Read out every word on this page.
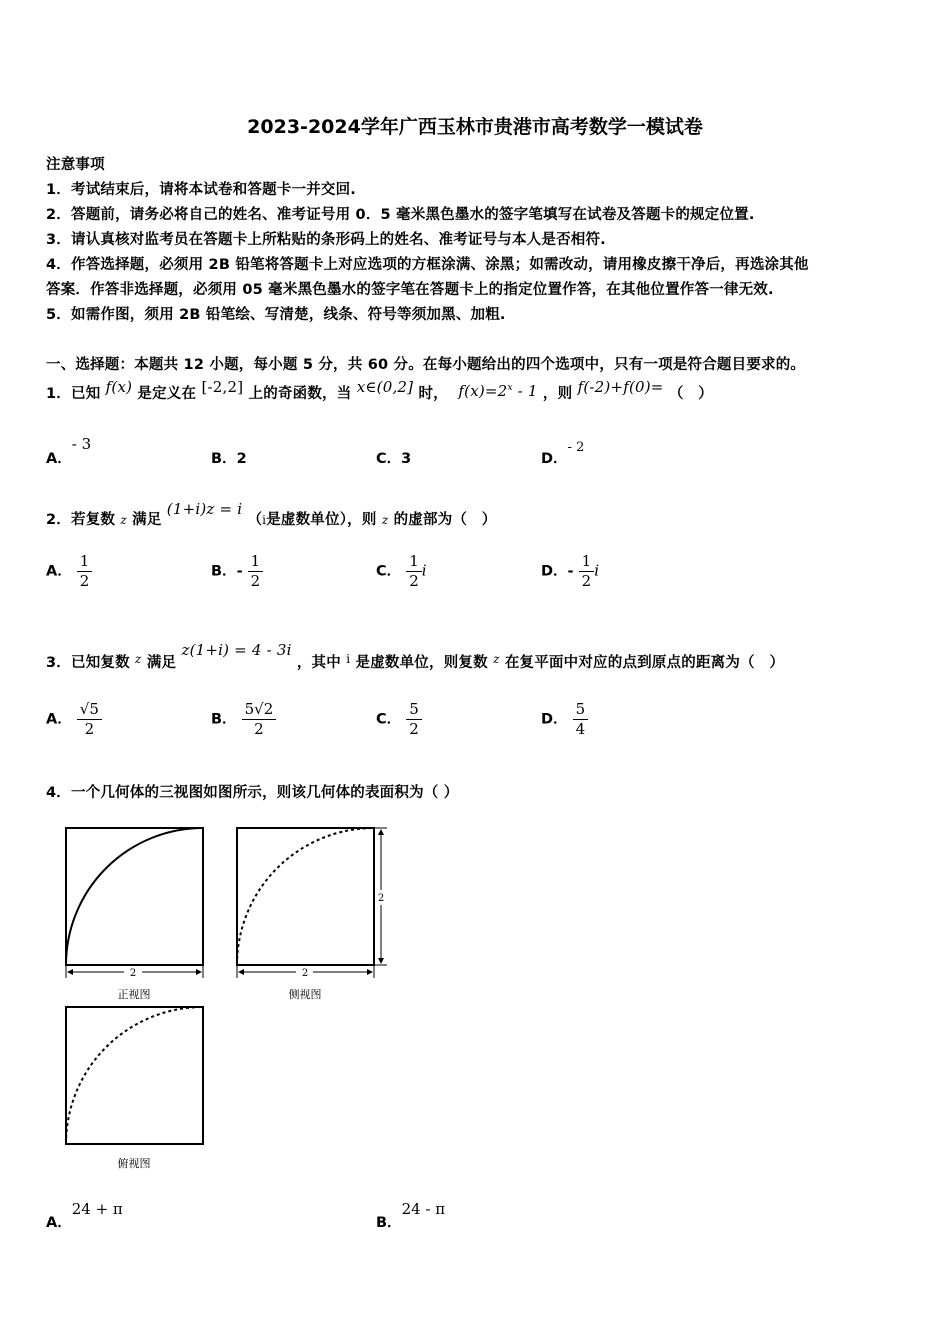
2023-2024学年广西玉林市贵港市高考数学一模试卷
注意事项
1．考试结束后，请将本试卷和答题卡一并交回.
2．答题前，请务必将自己的姓名、准考证号用 0．5 毫米黑色墨水的签字笔填写在试卷及答题卡的规定位置.
3．请认真核对监考员在答题卡上所粘贴的条形码上的姓名、准考证号与本人是否相符.
4．作答选择题，必须用 2B 铅笔将答题卡上对应选项的方框涂满、涂黑；如需改动，请用橡皮擦干净后，再选涂其他
答案．作答非选择题，必须用 05 毫米黑色墨水的签字笔在答题卡上的指定位置作答，在其他位置作答一律无效.
5．如需作图，须用 2B 铅笔绘、写清楚，线条、符号等须加黑、加粗.
一、选择题：本题共 12 小题，每小题 5 分，共 60 分。在每小题给出的四个选项中，只有一项是符合题目要求的。
1．已知 f(x) 是定义在 [-2,2] 上的奇函数，当 x∈(0,2] 时， $f(x)=2^x - 1$ ，则 f(-2)+f(0)= （　）
A．- 3
B．2	C．3	D．- 2
2．若复数 z 满足 (1+i)z = i （i是虚数单位），则 z 的虚部为（　）
A． $\frac{1}{2}$	B．- $\frac{1}{2}$	C． $\frac{1}{2}$ i	D．- $\frac{1}{2}$ i
3．已知复数 $^z$ 满足 z(1+i) = 4 - 3i ，其中 $^i$ 是虚数单位，则复数 $^z$ 在复平面中对应的点到原点的距离为（　）
A． $\frac{√5}{2}$	B． $\frac{5√2}{2}$	C． $\frac{5}{2}$	D． $\frac{5}{4}$
4．一个几何体的三视图如图所示，则该几何体的表面积为（ ）
2
正视图
2
2
侧视图
俯视图
A．24 + π
B．24 - π
